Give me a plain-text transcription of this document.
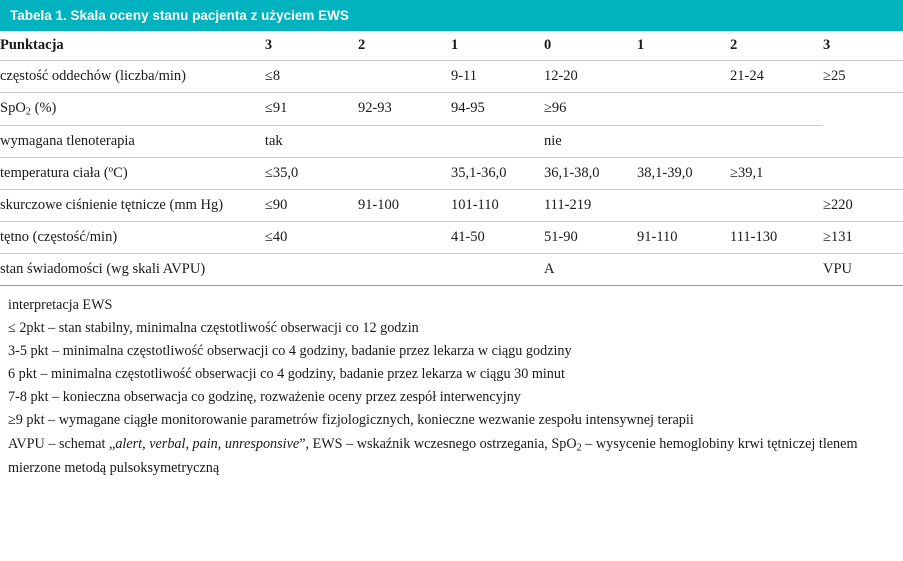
Tabela 1. Skala oceny stanu pacjenta z użyciem EWS
Punktacja	3	2	1	0	1	2	3
częstość oddechów (liczba/min)	≤8		9-11	12-20		21-24	≥25
SpO$_2$ (%)	≤91	92-93	94-95	≥96			
wymagana tlenoterapia	tak			nie			
temperatura ciała (ºC)	≤35,0		35,1-36,0	36,1-38,0	38,1-39,0	≥39,1	
skurczowe ciśnienie tętnicze (mm Hg)	≤90	91-100	101-110	111-219			≥220
tętno (częstość/min)	≤40		41-50	51-90	91-110	111-130	≥131
stan świadomości (wg skali AVPU)				A			VPU

interpretacja EWS

≤ 2pkt – stan stabilny, minimalna częstotliwość obserwacji co 12 godzin

3-5 pkt – minimalna częstotliwość obserwacji co 4 godziny, badanie przez lekarza w ciągu godziny

6 pkt – minimalna częstotliwość obserwacji co 4 godziny, badanie przez lekarza w ciągu 30 minut

7-8 pkt – konieczna obserwacja co godzinę, rozważenie oceny przez zespół interwencyjny

≥9 pkt – wymagane ciągłe monitorowanie parametrów fizjologicznych, konieczne wezwanie zespołu intensywnej terapii

AVPU – schemat „alert, verbal, pain, unresponsive”, EWS – wskaźnik wczesnego ostrzegania, SpO$_2$ – wysycenie hemoglobiny krwi tętniczej tlenem mierzone metodą pulsoksymetryczną
